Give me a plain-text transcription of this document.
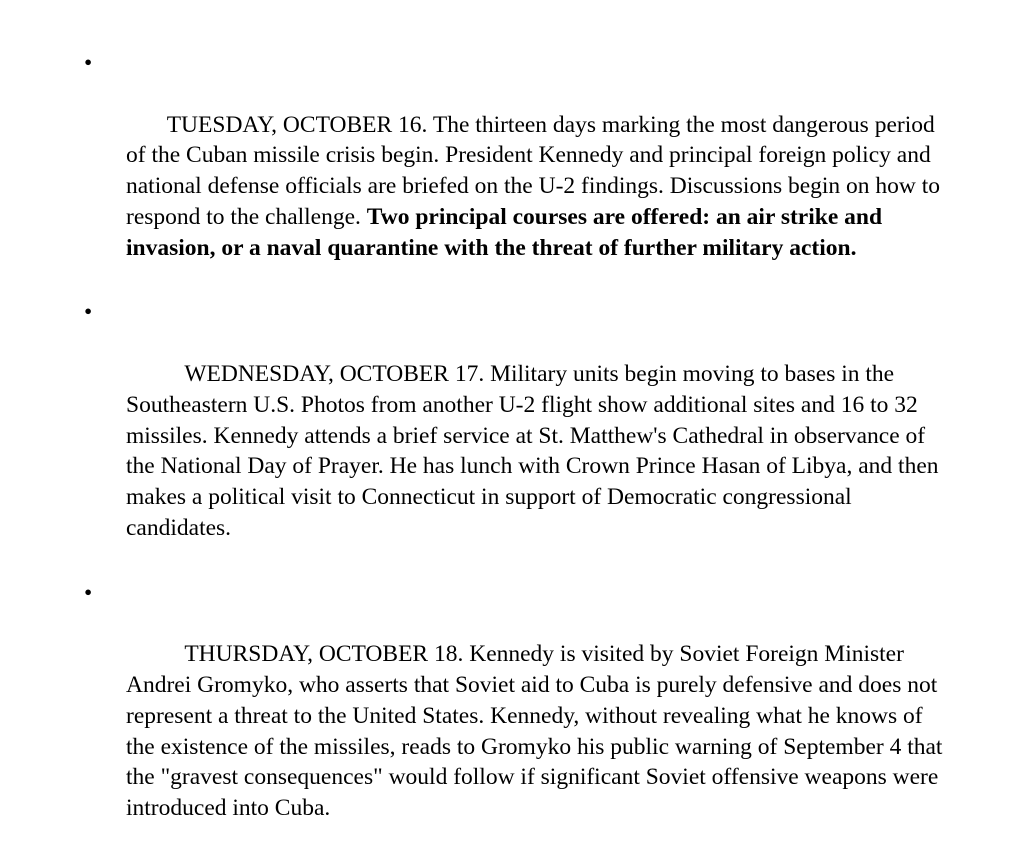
•

TUESDAY, OCTOBER 16. The thirteen days marking the most dangerous period of the Cuban missile crisis begin. President Kennedy and principal foreign policy and national defense officials are briefed on the U-2 findings. Discussions begin on how to respond to the challenge. Two principal courses are offered: an air strike and invasion, or a naval quarantine with the threat of further military action.

•

WEDNESDAY, OCTOBER 17. Military units begin moving to bases in the Southeastern U.S. Photos from another U-2 flight show additional sites and 16 to 32 missiles. Kennedy attends a brief service at St. Matthew's Cathedral in observance of the National Day of Prayer. He has lunch with Crown Prince Hasan of Libya, and then makes a political visit to Connecticut in support of Democratic congressional candidates.

•

THURSDAY, OCTOBER 18. Kennedy is visited by Soviet Foreign Minister Andrei Gromyko, who asserts that Soviet aid to Cuba is purely defensive and does not represent a threat to the United States. Kennedy, without revealing what he knows of the existence of the missiles, reads to Gromyko his public warning of September 4 that the "gravest consequences" would follow if significant Soviet offensive weapons were introduced into Cuba.
